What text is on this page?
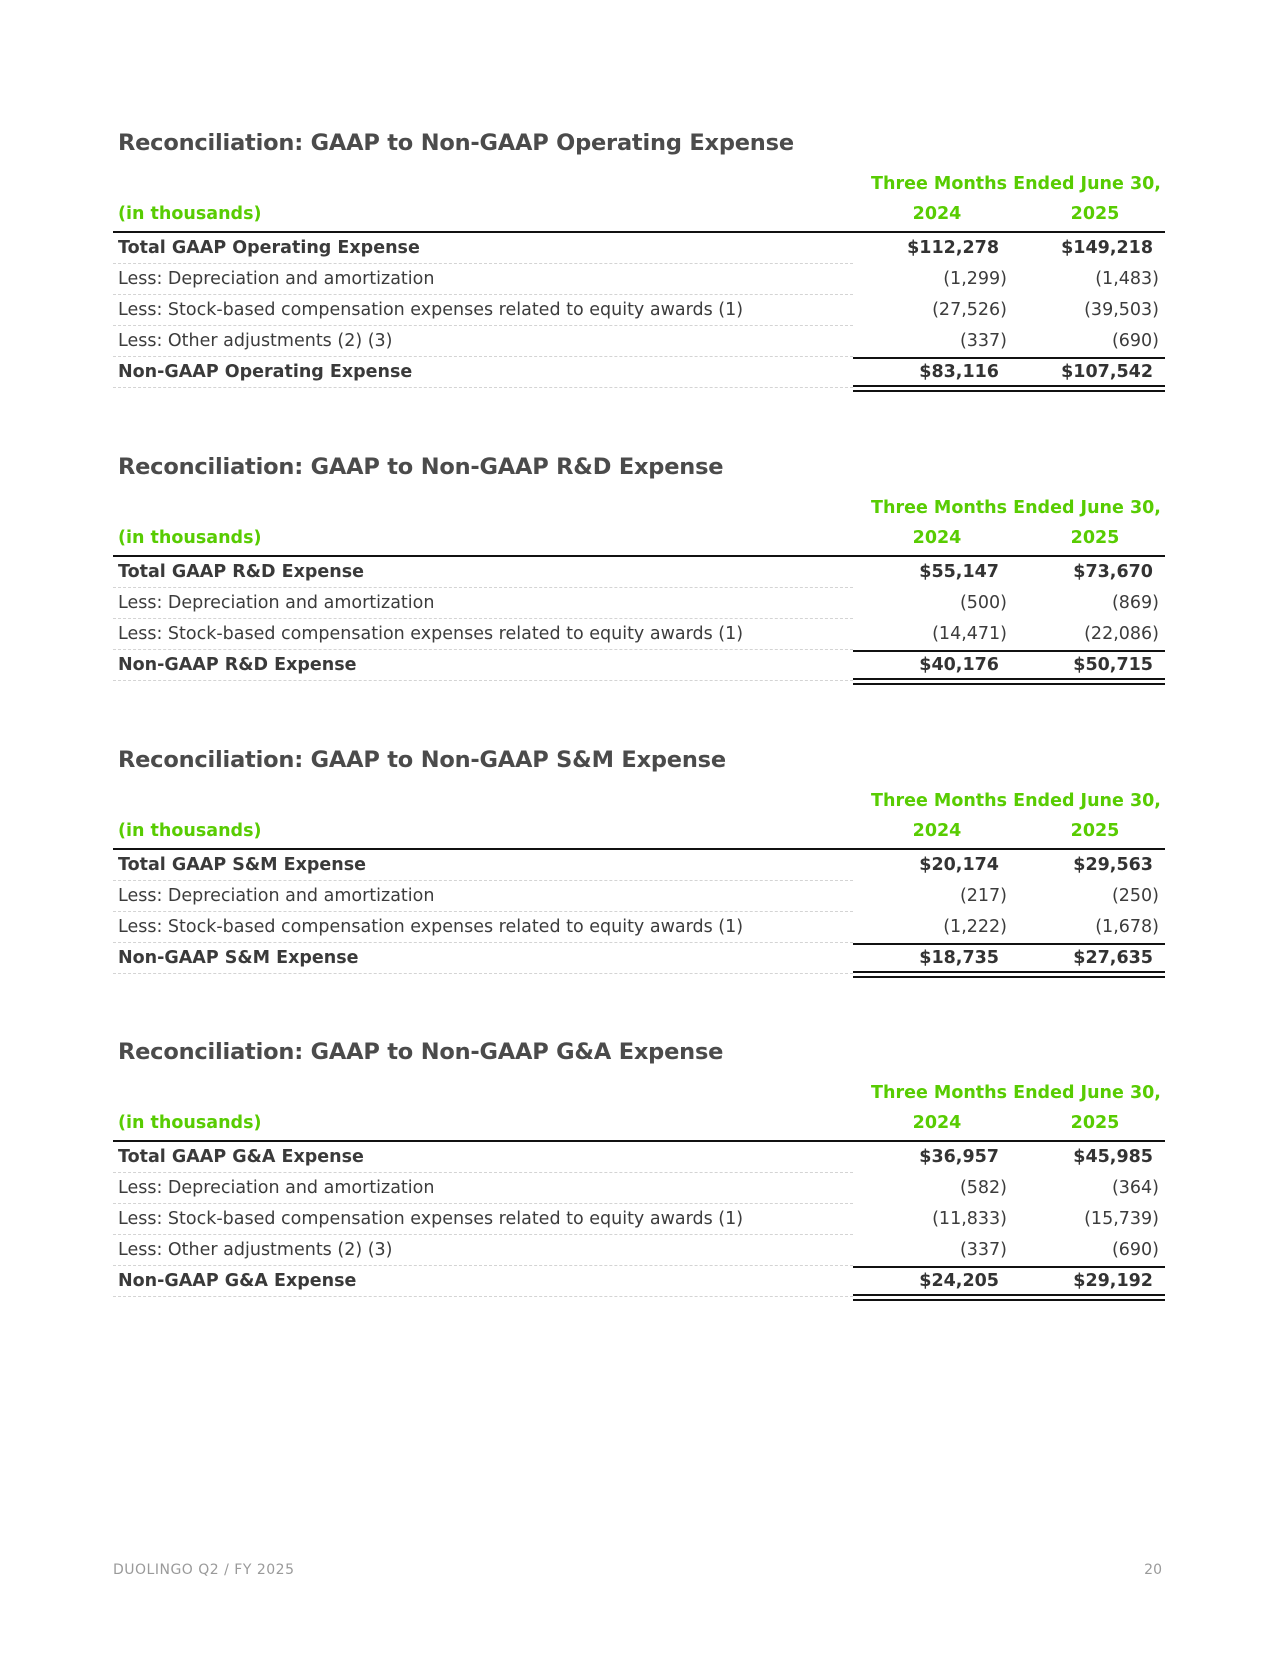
Reconciliation: GAAP to Non-GAAP Operating Expense
Three Months Ended June 30,
(in thousands)	2024	2025
Total GAAP Operating Expense	$112,278	$149,218
Less: Depreciation and amortization	(1,299)	(1,483)
Less: Stock-based compensation expenses related to equity awards (1)	(27,526)	(39,503)
Less: Other adjustments (2) (3)	(337)	(690)
Non-GAAP Operating Expense	$83,116	$107,542
Reconciliation: GAAP to Non-GAAP R&D Expense
Three Months Ended June 30,
(in thousands)	2024	2025
Total GAAP R&D Expense	$55,147	$73,670
Less: Depreciation and amortization	(500)	(869)
Less: Stock-based compensation expenses related to equity awards (1)	(14,471)	(22,086)
Non-GAAP R&D Expense	$40,176	$50,715
Reconciliation: GAAP to Non-GAAP S&M Expense
Three Months Ended June 30,
(in thousands)	2024	2025
Total GAAP S&M Expense	$20,174	$29,563
Less: Depreciation and amortization	(217)	(250)
Less: Stock-based compensation expenses related to equity awards (1)	(1,222)	(1,678)
Non-GAAP S&M Expense	$18,735	$27,635
Reconciliation: GAAP to Non-GAAP G&A Expense
Three Months Ended June 30,
(in thousands)	2024	2025
Total GAAP G&A Expense	$36,957	$45,985
Less: Depreciation and amortization	(582)	(364)
Less: Stock-based compensation expenses related to equity awards (1)	(11,833)	(15,739)
Less: Other adjustments (2) (3)	(337)	(690)
Non-GAAP G&A Expense	$24,205	$29,192
DUOLINGO Q2 / FY 2025	20
